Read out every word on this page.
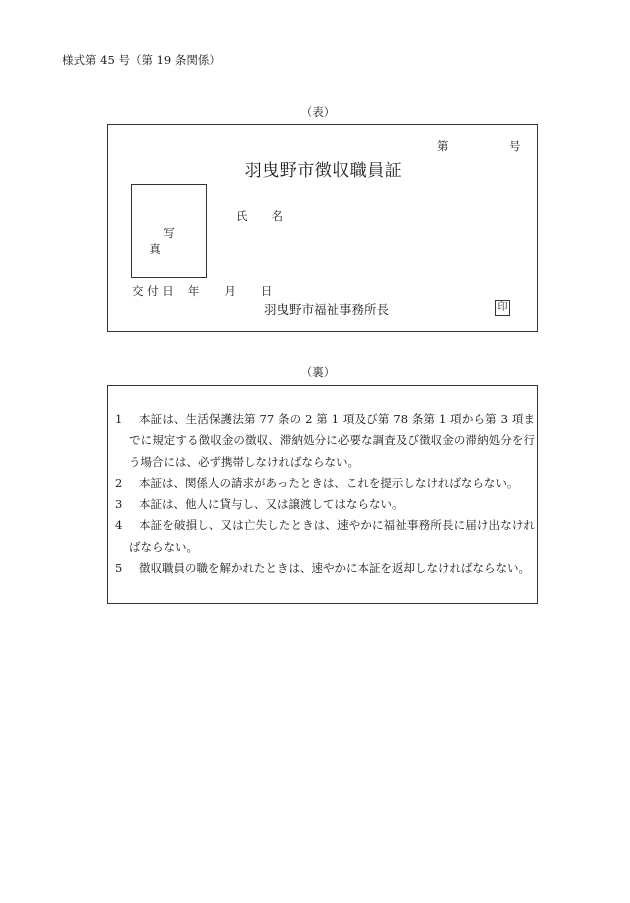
様式第 45 号（第 19 条関係）
（表）
第	号
羽曳野市徴収職員証
写真
氏 名
交 付 日 年 月 日
羽曳野市福祉事務所長	印
（裏）
1	本証は、生活保護法第 77 条の 2 第 1 項及び第 78 条第 1 項から第 3 項までに規定する徴収金の徴収、滞納処分に必要な調査及び徴収金の滞納処分を行う場合には、必ず携帯しなければならない。
2	本証は、関係人の請求があったときは、これを提示しなければならない。
3	本証は、他人に貸与し、又は譲渡してはならない。
4	本証を破損し、又は亡失したときは、速やかに福祉事務所長に届け出なければならない。
5	徴収職員の職を解かれたときは、速やかに本証を返却しなければならない。
